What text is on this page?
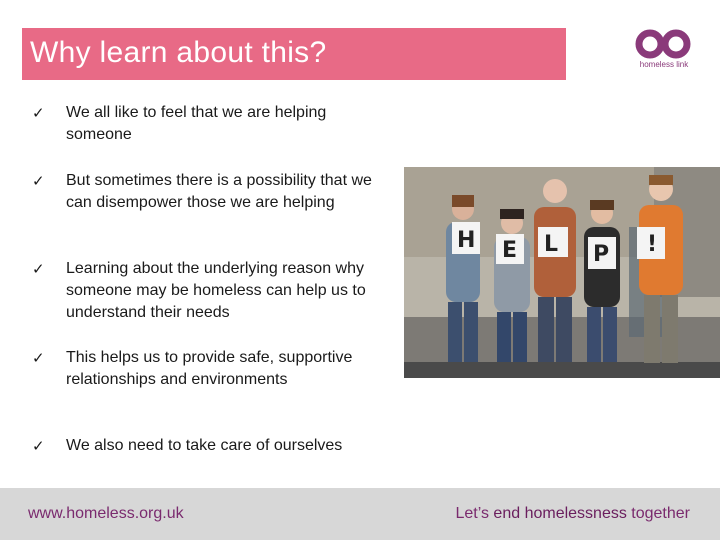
Why learn about this?	homeless link
✓ We all like to feel that we are helping someone
✓ But sometimes there is a possibility that we can disempower those we are helping
✓ Learning about the underlying reason why someone may be homeless can help us to understand their needs
✓ This helps us to provide safe, supportive relationships and environments
✓ We also need to take care of ourselves
H E L P !
www.homeless.org.uk	Let’s end homelessness together
